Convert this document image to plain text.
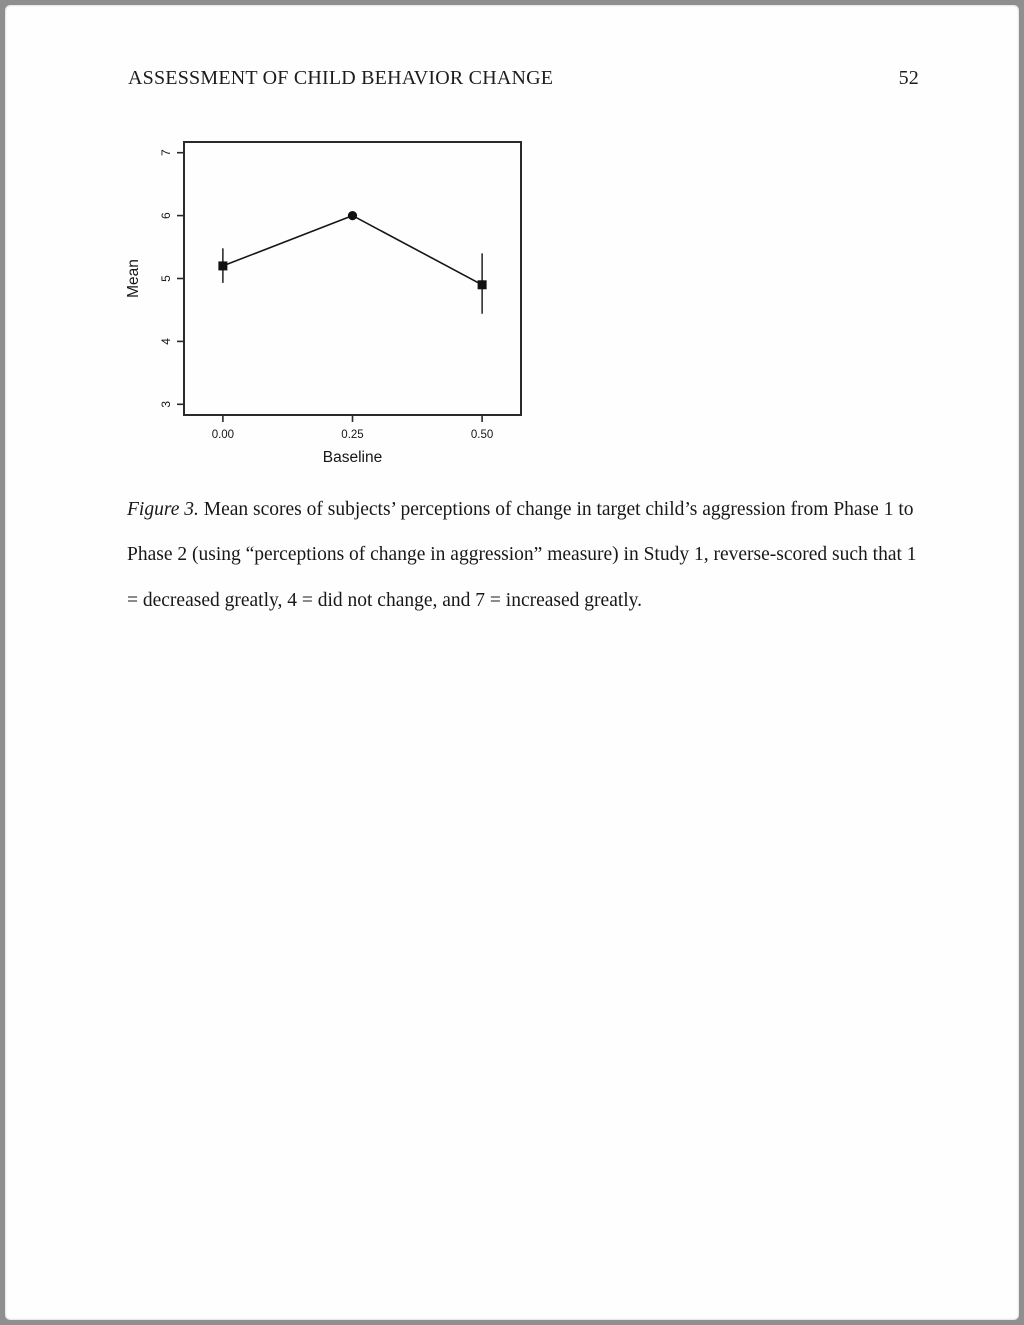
ASSESSMENT OF CHILD BEHAVIOR CHANGE	52
3
4
5
6
7
0.00	0.25	0.50
Baseline
Mean

Figure 3. Mean scores of subjects’ perceptions of change in target child’s aggression from Phase 1 to Phase 2 (using “perceptions of change in aggression” measure) in Study 1, reverse-scored such that 1 = decreased greatly, 4 = did not change, and 7 = increased greatly.
